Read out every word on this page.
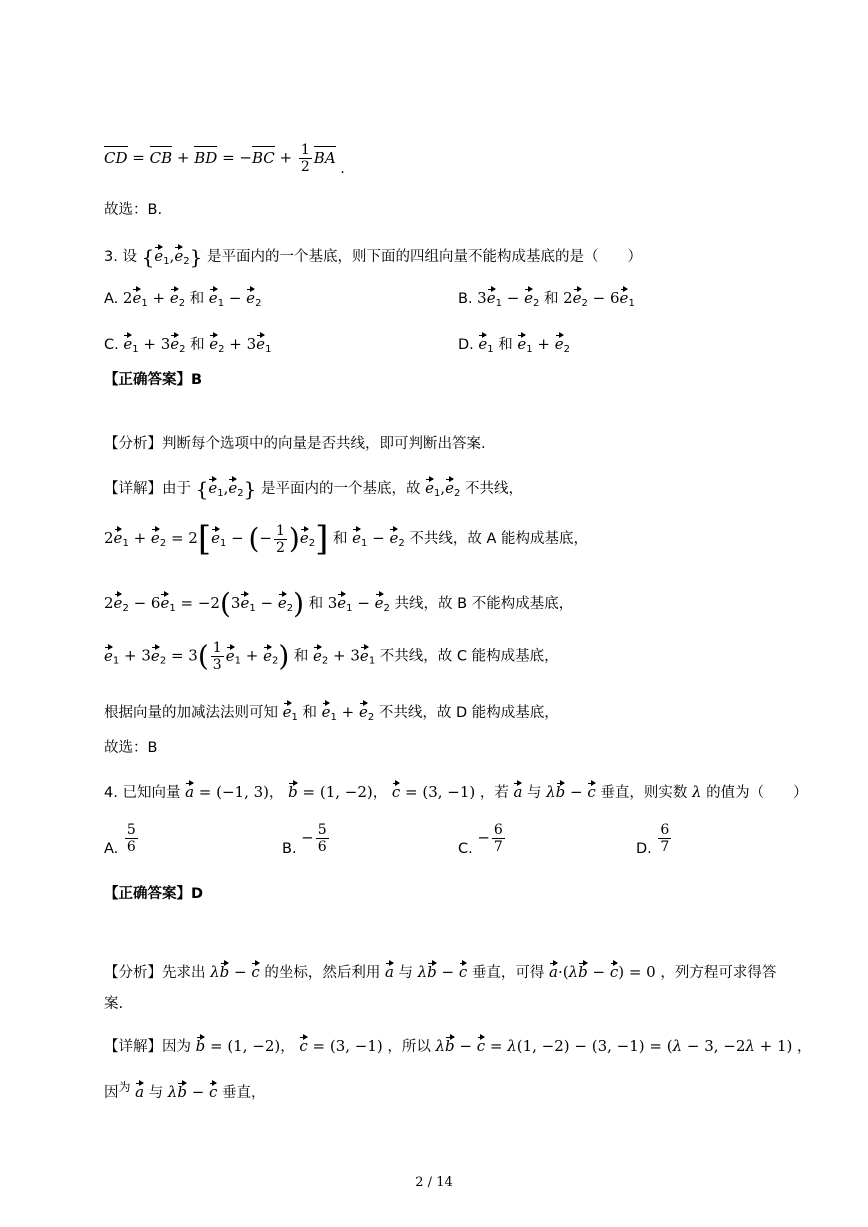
CD = CB + BD = $-BC + \frac{1}{2}$ BA .
故选：B.
3. 设 $\{e_1,e_2\}$ 是平面内的一个基底，则下面的四组向量不能构成基底的是（　　）
A. $2e_1 + e_2$ 和 $e_1 - e_2$	B. $3e_1 - e_2$ 和 $2e_2 - 6e_1$
C. $e_1 + 3e_2$ 和 $e_2 + 3e_1$	D. $e_1$ 和 $e_1 + e_2$
【正确答案】B
【分析】判断每个选项中的向量是否共线，即可判断出答案.
【详解】由于 $\{e_1,e_2\}$ 是平面内的一个基底，故 $e_1,e_2$ 不共线，
$2e_1 + e_2 = 2[e_1$ − (− $\frac{1}{2} )e_2$] 和 $e_1 - e_2$ 不共线，故 A 能构成基底，
$2e_2 - 6e_1 = -2(3e_1 - e_2)$ 和 $3e_1 - e_2$ 共线，故 B 不能构成基底，
$e_1 + 3e_2 = 3( \frac{1}{3} e_1 + e_2)$ 和 $e_2 + 3e_1$ 不共线，故 C 能构成基底，
根据向量的加减法法则可知 $e_1$ 和 $e_1 + e_2$ 不共线，故 D 能构成基底，
故选：B
4. 已知向量 a = (−1, 3)， b = (1, −2)， c = (3, −1) ，若 a 与 λb − c 垂直，则实数 λ 的值为（　　）
A. $\frac{5}{6}$	B. − $\frac{5}{6}$	C. − $\frac{6}{7}$	D. $\frac{6}{7}$
【正确答案】D
【分析】先求出 λb − c 的坐标，然后利用 a 与 λb − c 垂直，可得 a·(λb − c) = 0 ，列方程可求得答
案.
【详解】因为 b = (1, −2)， c = (3, −1) ，所以 λb − c = λ(1, −2) − (3, −1) = (λ − 3, −2λ + 1) ，
因$^为$ a 与 λb − c 垂直，
2 / 14
